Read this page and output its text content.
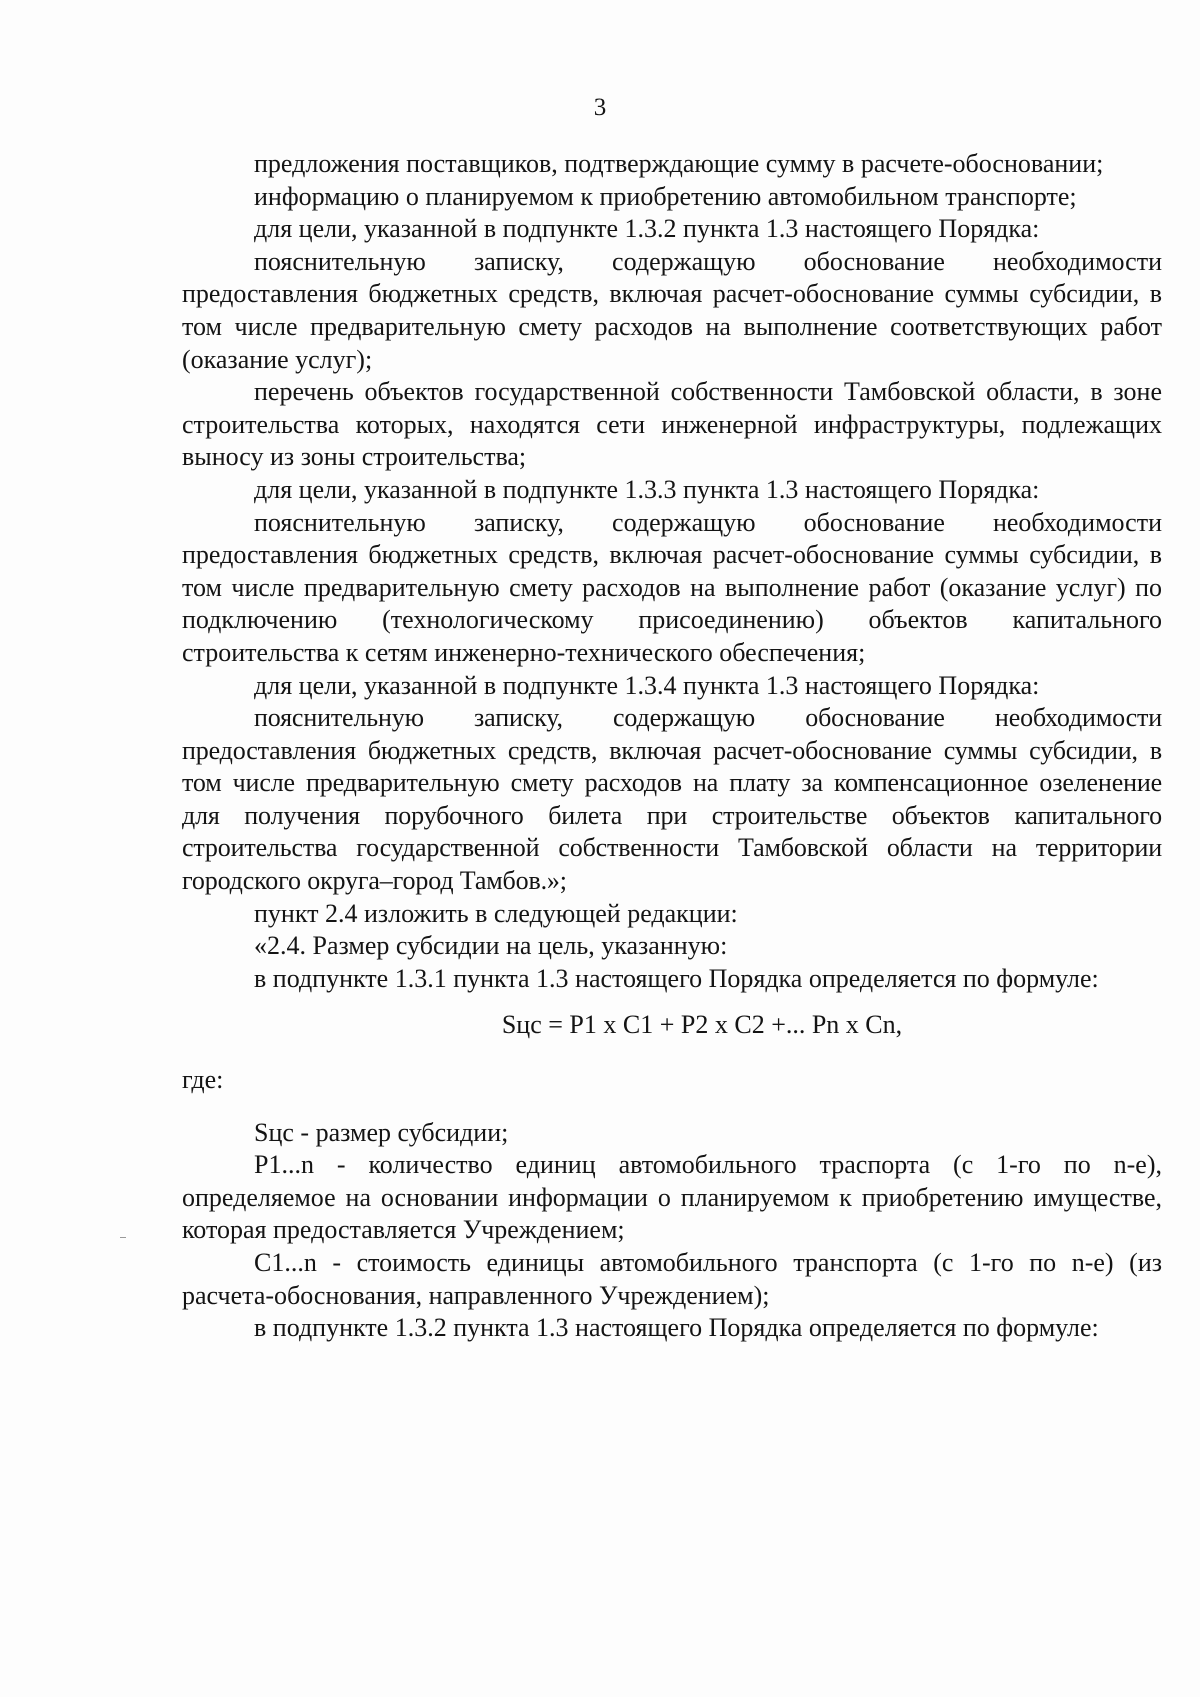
3

предложения поставщиков, подтверждающие сумму в расчете-обосновании;

информацию о планируемом к приобретению автомобильном транспорте;

для цели, указанной в подпункте 1.3.2 пункта 1.3 настоящего Порядка:

пояснительную записку, содержащую обоснование необходимости предоставления бюджетных средств, включая расчет-обоснование суммы субсидии, в том числе предварительную смету расходов на выполнение соответствующих работ (оказание услуг);

перечень объектов государственной собственности Тамбовской области, в зоне строительства которых, находятся сети инженерной инфраструктуры, подлежащих выносу из зоны строительства;

для цели, указанной в подпункте 1.3.3 пункта 1.3 настоящего Порядка:

пояснительную записку, содержащую обоснование необходимости предоставления бюджетных средств, включая расчет-обоснование суммы субсидии, в том числе предварительную смету расходов на выполнение работ (оказание услуг) по подключению (технологическому присоединению) объектов капитального строительства к сетям инженерно-технического обеспечения;

для цели, указанной в подпункте 1.3.4 пункта 1.3 настоящего Порядка:

пояснительную записку, содержащую обоснование необходимости предоставления бюджетных средств, включая расчет-обоснование суммы субсидии, в том числе предварительную смету расходов на плату за компенсационное озеленение для получения порубочного билета при строительстве объектов капитального строительства государственной собственности Тамбовской области на территории городского округа–город Тамбов.»;

пункт 2.4 изложить в следующей редакции:

«2.4. Размер субсидии на цель, указанную:

в подпункте 1.3.1 пункта 1.3 настоящего Порядка определяется по формуле:

Sцс = P1 x C1 + P2 x C2 +... Pn x Cn,

где:

Sцс - размер субсидии;

P1...n - количество единиц автомобильного траспорта (с 1-го по n-е), определяемое на основании информации о планируемом к приобретению имуществе, которая предоставляется Учреждением;

C1...n - стоимость единицы автомобильного транспорта (с 1-го по n-е) (из расчета-обоснования, направленного Учреждением);

в подпункте 1.3.2 пункта 1.3 настоящего Порядка определяется по формуле:
